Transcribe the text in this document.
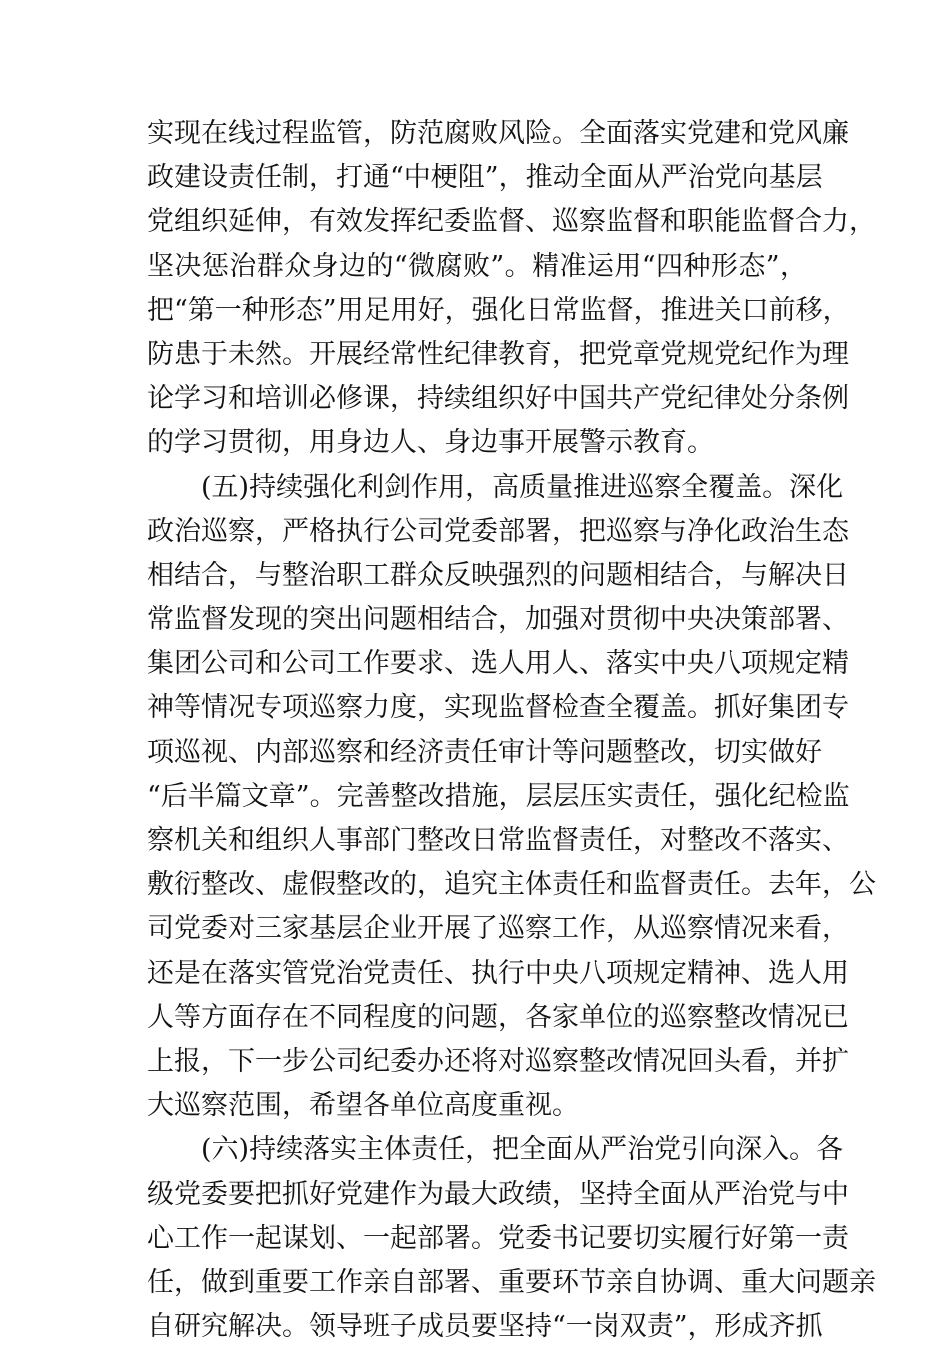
实现在线过程监管，防范腐败风险。全面落实党建和党风廉
政建设责任制，打通“中梗阻”，推动全面从严治党向基层
党组织延伸，有效发挥纪委监督、巡察监督和职能监督合力，
坚决惩治群众身边的“微腐败”。精准运用“四种形态”，
把“第一种形态”用足用好，强化日常监督，推进关口前移，
防患于未然。开展经常性纪律教育，把党章党规党纪作为理
论学习和培训必修课，持续组织好中国共产党纪律处分条例
的学习贯彻，用身边人、身边事开展警示教育。
(五)持续强化利剑作用，高质量推进巡察全覆盖。深化
政治巡察，严格执行公司党委部署，把巡察与净化政治生态
相结合，与整治职工群众反映强烈的问题相结合，与解决日
常监督发现的突出问题相结合，加强对贯彻中央决策部署、
集团公司和公司工作要求、选人用人、落实中央八项规定精
神等情况专项巡察力度，实现监督检查全覆盖。抓好集团专
项巡视、内部巡察和经济责任审计等问题整改，切实做好
“后半篇文章”。完善整改措施，层层压实责任，强化纪检监
察机关和组织人事部门整改日常监督责任，对整改不落实、
敷衍整改、虚假整改的，追究主体责任和监督责任。去年，公
司党委对三家基层企业开展了巡察工作，从巡察情况来看，
还是在落实管党治党责任、执行中央八项规定精神、选人用
人等方面存在不同程度的问题，各家单位的巡察整改情况已
上报，下一步公司纪委办还将对巡察整改情况回头看，并扩
大巡察范围，希望各单位高度重视。
(六)持续落实主体责任，把全面从严治党引向深入。各
级党委要把抓好党建作为最大政绩，坚持全面从严治党与中
心工作一起谋划、一起部署。党委书记要切实履行好第一责
任，做到重要工作亲自部署、重要环节亲自协调、重大问题亲
自研究解决。领导班子成员要坚持“一岗双责”，形成齐抓
